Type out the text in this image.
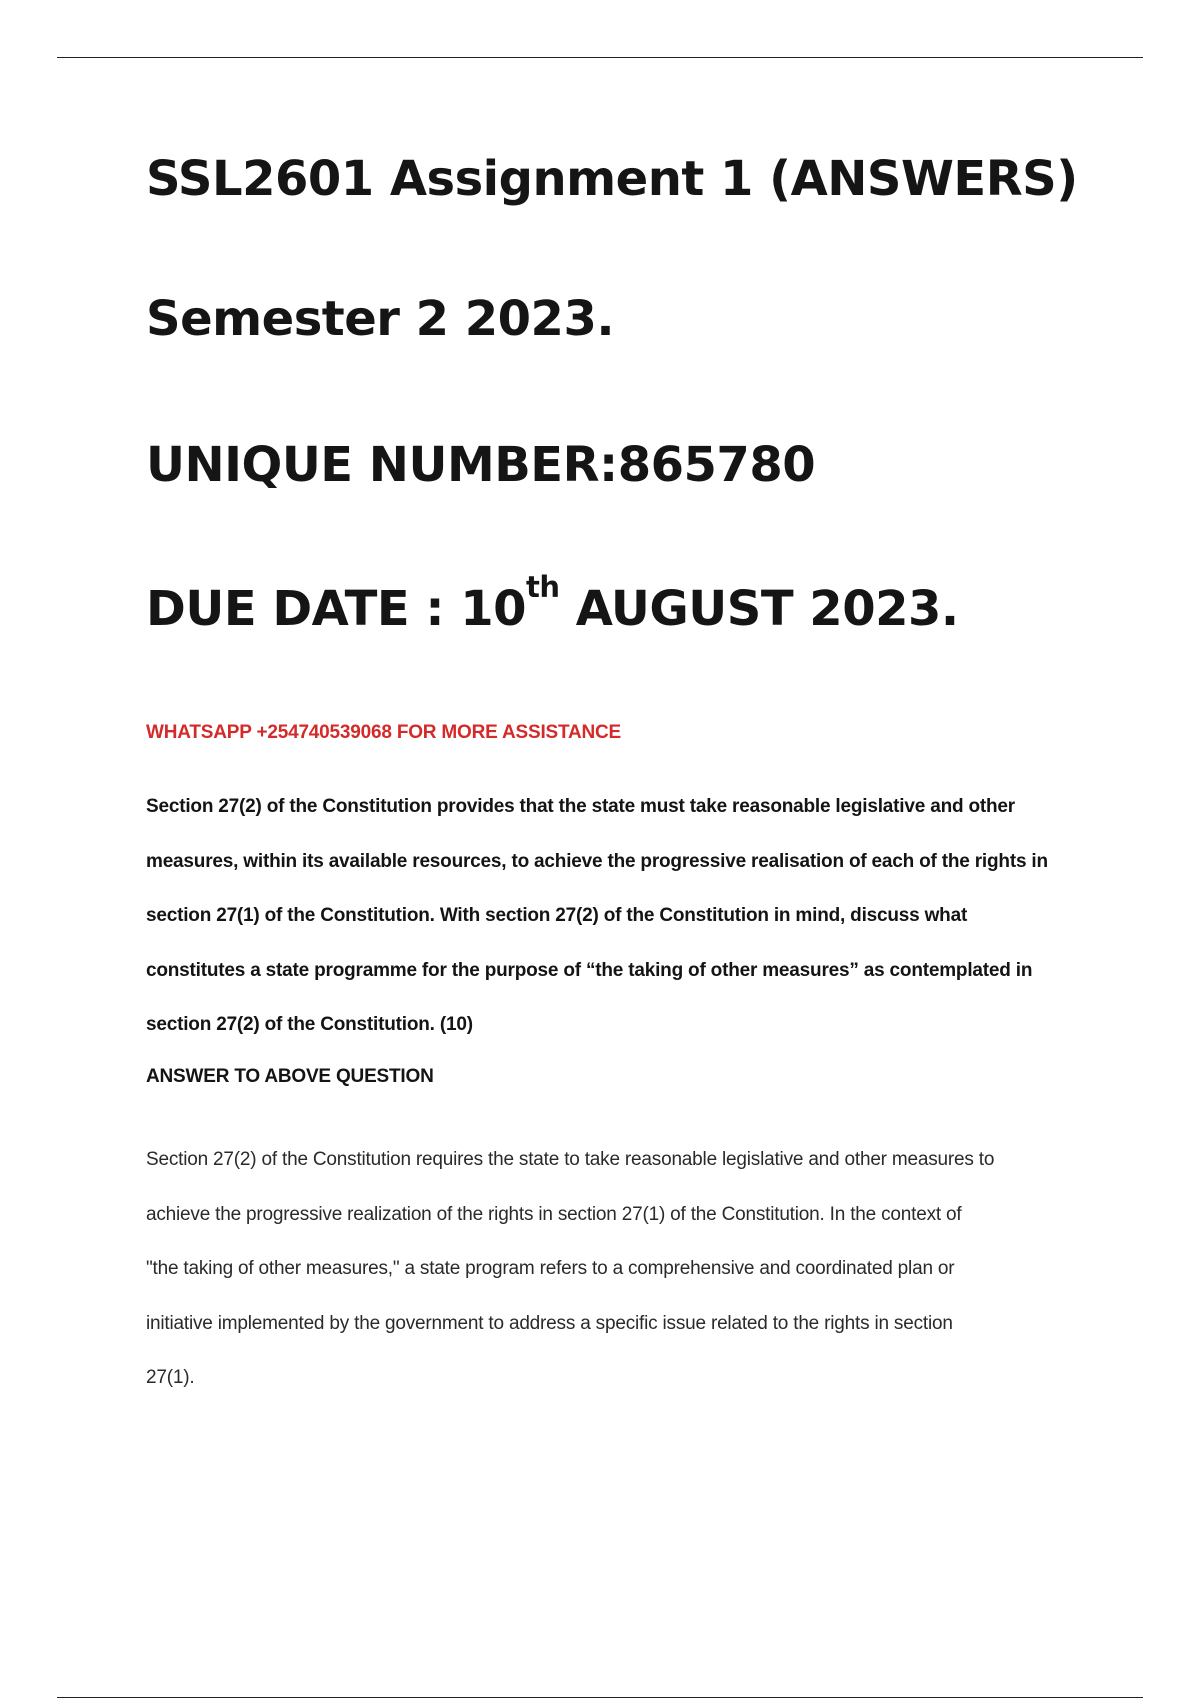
SSL2601 Assignment 1 (ANSWERS)
Semester 2 2023.
UNIQUE NUMBER:865780
DUE DATE : 10th AUGUST 2023.
WHATSAPP +254740539068 FOR MORE ASSISTANCE
Section 27(2) of the Constitution provides that the state must take reasonable legislative and other
measures, within its available resources, to achieve the progressive realisation of each of the rights in
section 27(1) of the Constitution. With section 27(2) of the Constitution in mind, discuss what
constitutes a state programme for the purpose of “the taking of other measures” as contemplated in
section 27(2) of the Constitution. (10)
ANSWER TO ABOVE QUESTION
Section 27(2) of the Constitution requires the state to take reasonable legislative and other measures to
achieve the progressive realization of the rights in section 27(1) of the Constitution. In the context of
"the taking of other measures," a state program refers to a comprehensive and coordinated plan or
initiative implemented by the government to address a specific issue related to the rights in section
27(1).
